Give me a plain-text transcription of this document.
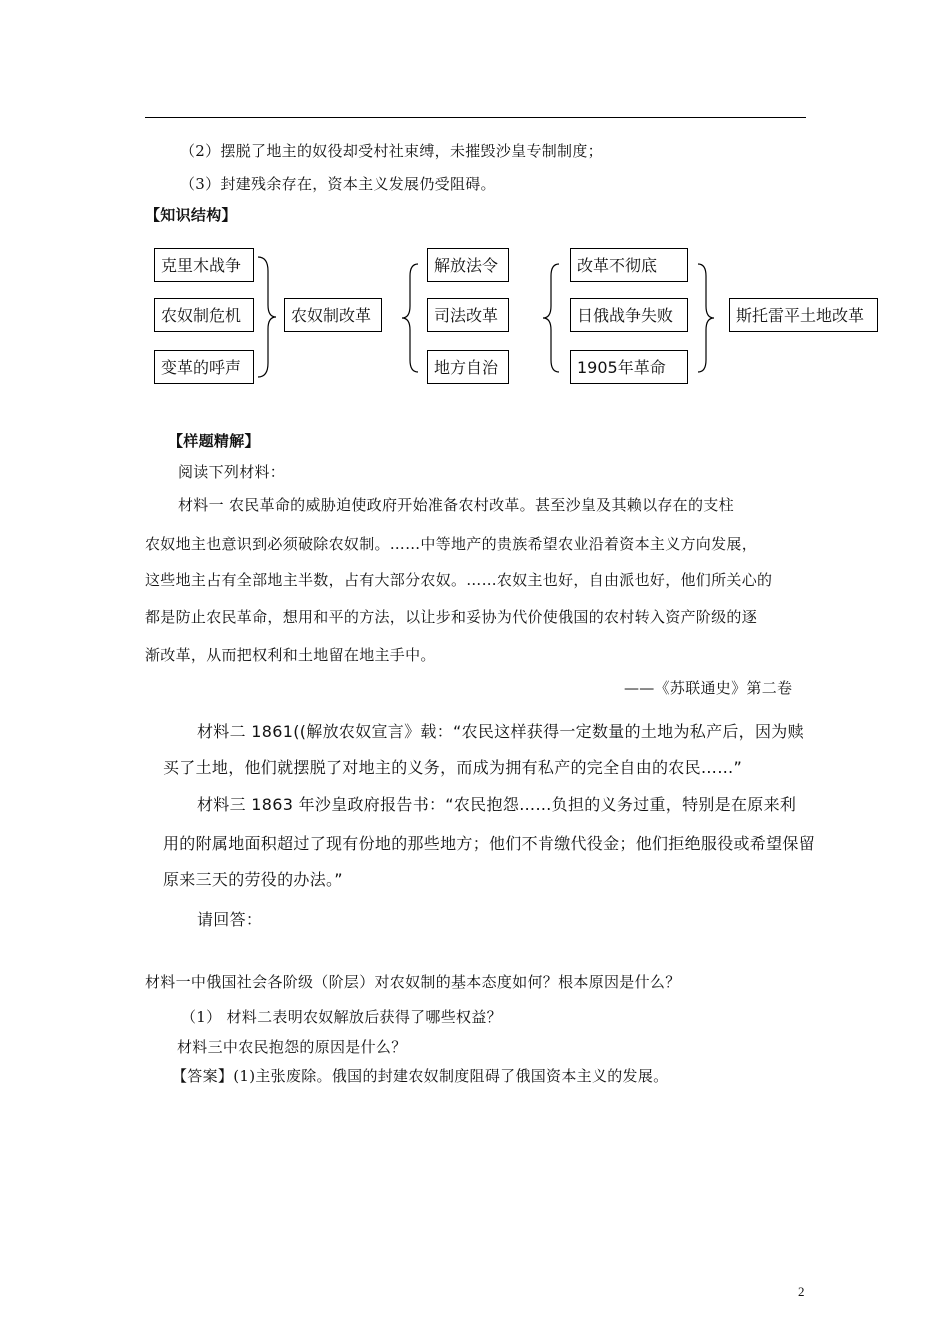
（2）摆脱了地主的奴役却受村社束缚，未摧毁沙皇专制制度；
（3）封建残余存在，资本主义发展仍受阻碍。
【知识结构】
克里木战争
农奴制危机
变革的呼声
农奴制改革
解放法令
司法改革
地方自治
改革不彻底
日俄战争失败
1905年革命
斯托雷平土地改革
【样题精解】
阅读下列材料：
材料一 农民革命的威胁迫使政府开始准备农村改革。甚至沙皇及其赖以存在的支柱
农奴地主也意识到必须破除农奴制。……中等地产的贵族希望农业沿着资本主义方向发展，
这些地主占有全部地主半数，占有大部分农奴。……农奴主也好，自由派也好，他们所关心的
都是防止农民革命，想用和平的方法，以让步和妥协为代价使俄国的农村转入资产阶级的逐
渐改革，从而把权利和土地留在地主手中。
——《苏联通史》第二卷
材料二 1861((解放农奴宣言》载：“农民这样获得一定数量的土地为私产后，因为赎
买了土地，他们就摆脱了对地主的义务，而成为拥有私产的完全自由的农民……”
材料三 1863 年沙皇政府报告书：“农民抱怨……负担的义务过重，特别是在原来利
用的附属地面积超过了现有份地的那些地方；他们不肯缴代役金；他们拒绝服役或希望保留
原来三天的劳役的办法。”
请回答：
材料一中俄国社会各阶级（阶层）对农奴制的基本态度如何？根本原因是什么？
（1） 材料二表明农奴解放后获得了哪些权益？
材料三中农民抱怨的原因是什么？
【答案】(1)主张废除。俄国的封建农奴制度阻碍了俄国资本主义的发展。
2
